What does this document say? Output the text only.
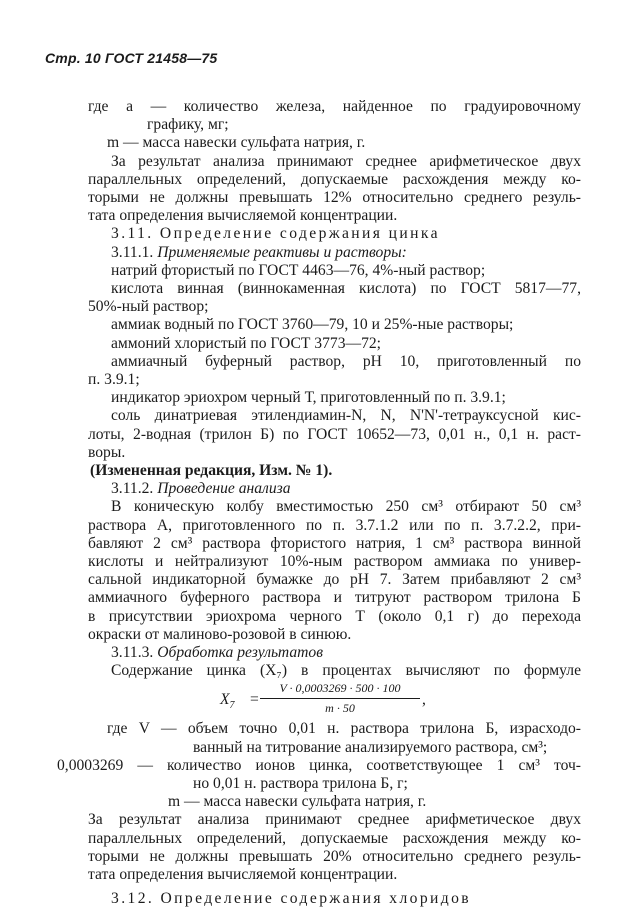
Стр. 10 ГОСТ 21458—75
где a — количество железа, найденное по градуировочному
графику, мг;
m — масса навески сульфата натрия, г.
За результат анализа принимают среднее арифметическое двух
параллельных определений, допускаемые расхождения между ко-
торыми не должны превышать 12% относительно среднего резуль-
тата определения вычисляемой концентрации.
3.11. Определение содержания цинка
3.11.1. Применяемые реактивы и растворы:
натрий фтористый по ГОСТ 4463—76, 4%-ный раствор;
кислота винная (виннокаменная кислота) по ГОСТ 5817—77,
50%-ный раствор;
аммиак водный по ГОСТ 3760—79, 10 и 25%-ные растворы;
аммоний хлористый по ГОСТ 3773—72;
аммиачный буферный раствор, pH 10, приготовленный по
п. 3.9.1;
индикатор эриохром черный Т, приготовленный по п. 3.9.1;
соль динатриевая этилендиамин-N, N, N'N'-тетрауксусной кис-
лоты, 2-водная (трилон Б) по ГОСТ 10652—73, 0,01 н., 0,1 н. раст-
воры.
(Измененная редакция, Изм. № 1).
3.11.2. Проведение анализа
В коническую колбу вместимостью 250 см³ отбирают 50 см³
раствора А, приготовленного по п. 3.7.1.2 или по п. 3.7.2.2, при-
бавляют 2 см³ раствора фтористого натрия, 1 см³ раствора винной
кислоты и нейтрализуют 10%-ным раствором аммиака по универ-
сальной индикаторной бумажке до pH 7. Затем прибавляют 2 см³
аммиачного буферного раствора и титруют раствором трилона Б
в присутствии эриохрома черного Т (около 0,1 г) до перехода
окраски от малиново-розовой в синюю.
3.11.3. Обработка результатов
Содержание цинка (X₇) в процентах вычисляют по формуле
$X_7$ =
V · 0,0003269 · 500 · 100
m · 50	,
где V — объем точно 0,01 н. раствора трилона Б, израсходо-
ванный на титрование анализируемого раствора, см³;
0,0003269 — количество ионов цинка, соответствующее 1 см³ точ-
но 0,01 н. раствора трилона Б, г;
m — масса навески сульфата натрия, г.
За результат анализа принимают среднее арифметическое двух
параллельных определений, допускаемые расхождения между ко-
торыми не должны превышать 20% относительно среднего резуль-
тата определения вычисляемой концентрации.
3.12. Определение содержания хлоридов
